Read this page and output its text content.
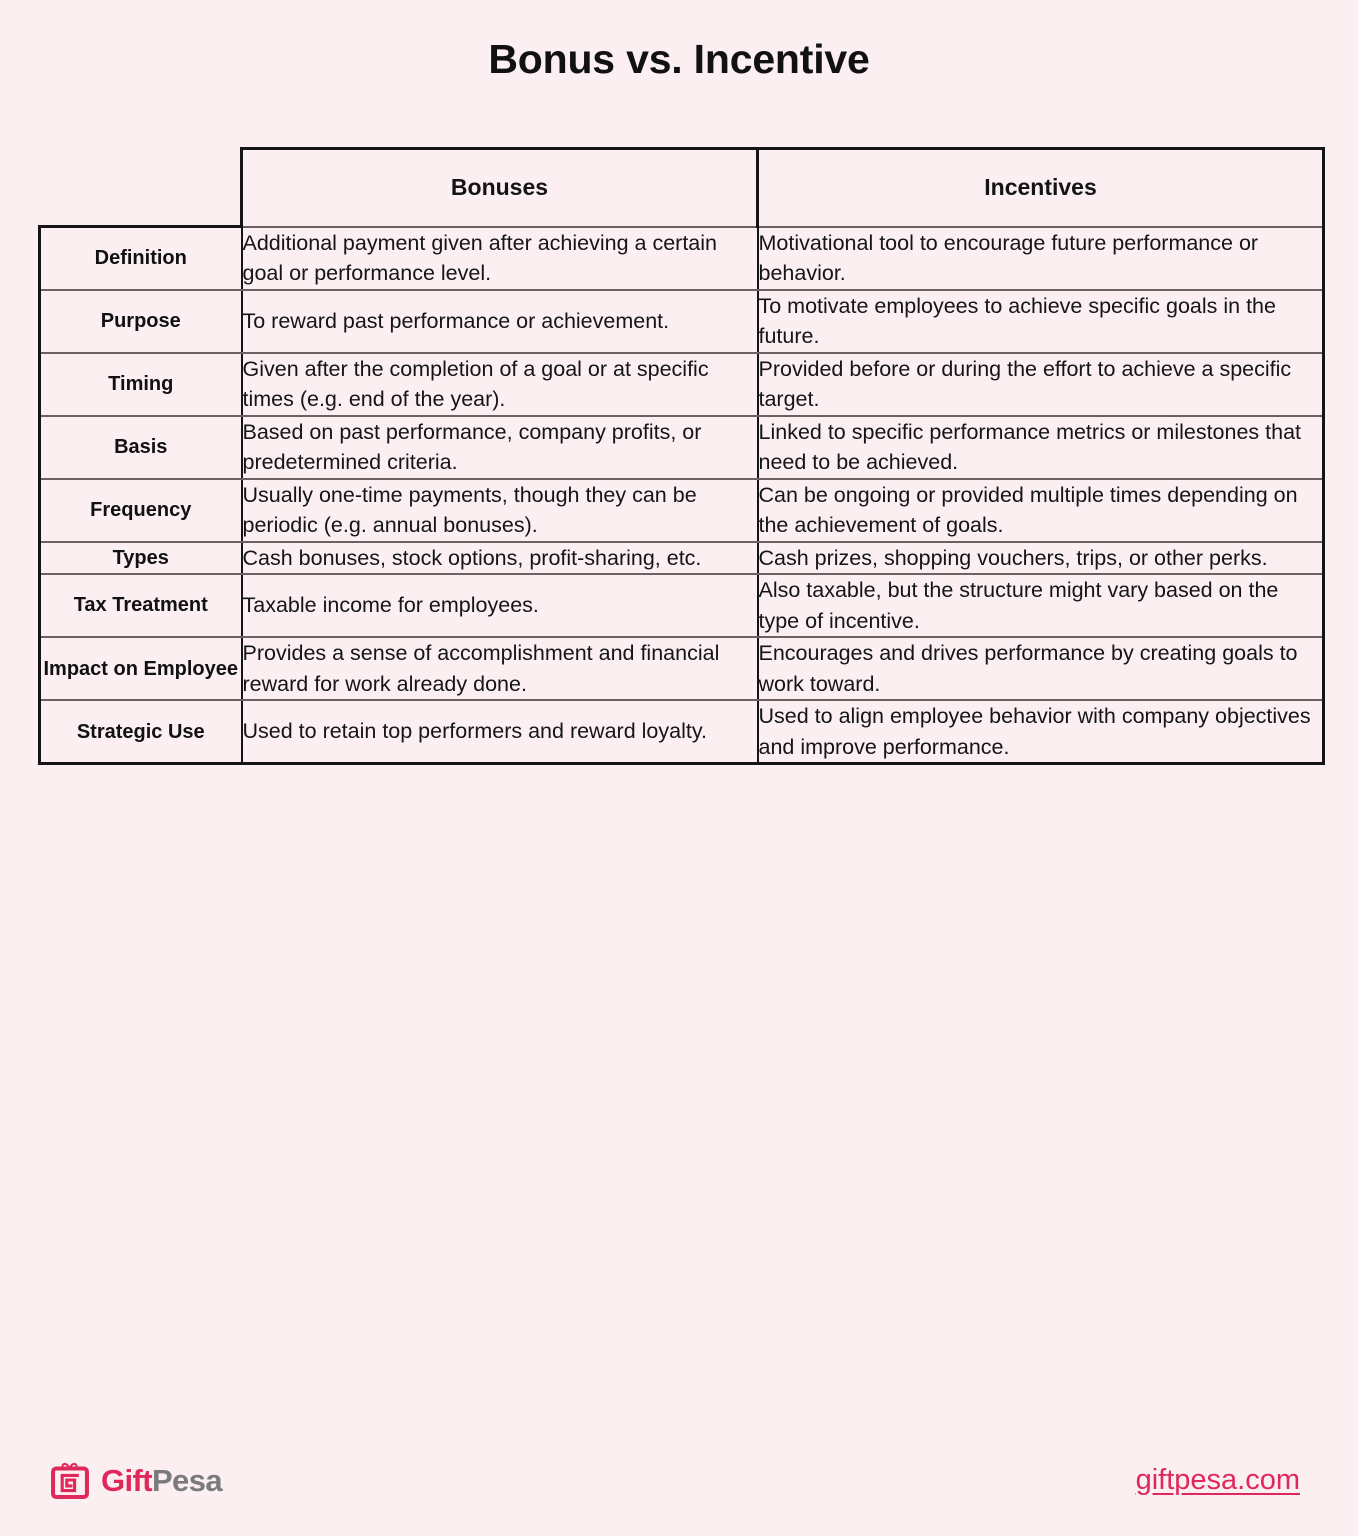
Bonus vs. Incentive
	Bonuses	Incentives
Definition	Additional payment given after achieving a certain goal or performance level.	Motivational tool to encourage future performance or behavior.
Purpose	To reward past performance or achievement.	To motivate employees to achieve specific goals in the future.
Timing	Given after the completion of a goal or at specific times (e.g. end of the year).	Provided before or during the effort to achieve a specific target.
Basis	Based on past performance, company profits, or predetermined criteria.	Linked to specific performance metrics or milestones that need to be achieved.
Frequency	Usually one-time payments, though they can be periodic (e.g. annual bonuses).	Can be ongoing or provided multiple times depending on the achievement of goals.
Types	Cash bonuses, stock options, profit-sharing, etc.	Cash prizes, shopping vouchers, trips, or other perks.
Tax Treatment	Taxable income for employees.	Also taxable, but the structure might vary based on the type of incentive.
Impact on Employee	Provides a sense of accomplishment and financial reward for work already done.	Encourages and drives performance by creating goals to work toward.
Strategic Use	Used to retain top performers and reward loyalty.	Used to align employee behavior with company objectives and improve performance.
GiftPesa	giftpesa.com
